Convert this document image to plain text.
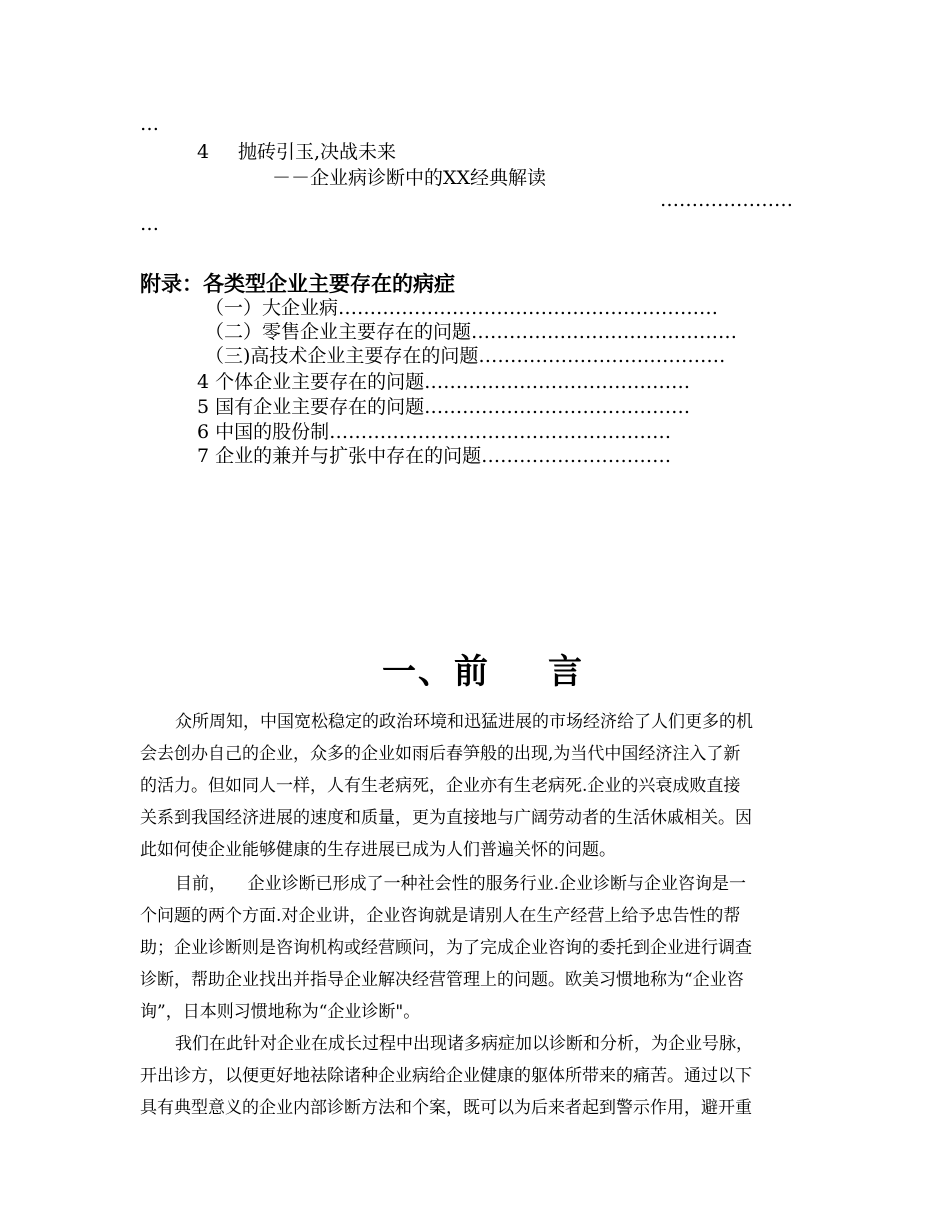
…
4 抛砖引玉,决战未来
－－企业病诊断中的XX经典解读
…………………
…
附录：各类型企业主要存在的病症
（一）大企业病……………………………………………………
（二）零售企业主要存在的问题……………………………………
（三)高技术企业主要存在的问题…………………………………
4 个体企业主要存在的问题……………………………………
5 国有企业主要存在的问题……………………………………
6 中国的股份制………………………………………………
7 企业的兼并与扩张中存在的问题…………………………
一、前 言
众所周知，中国宽松稳定的政治环境和迅猛进展的市场经济给了人们更多的机
会去创办自己的企业，众多的企业如雨后春笋般的出现,为当代中国经济注入了新
的活力。但如同人一样，人有生老病死，企业亦有生老病死.企业的兴衰成败直接
关系到我国经济进展的速度和质量，更为直接地与广阔劳动者的生活休戚相关。因
此如何使企业能够健康的生存进展已成为人们普遍关怀的问题。
目前，    企业诊断已形成了一种社会性的服务行业.企业诊断与企业咨询是一
个问题的两个方面.对企业讲，企业咨询就是请别人在生产经营上给予忠告性的帮
助；企业诊断则是咨询机构或经营顾问，为了完成企业咨询的委托到企业进行调查
诊断，帮助企业找出并指导企业解决经营管理上的问题。欧美习惯地称为“企业咨
询”，日本则习惯地称为“企业诊断"。
我们在此针对企业在成长过程中出现诸多病症加以诊断和分析，为企业号脉，
开出诊方，以便更好地祛除诸种企业病给企业健康的躯体所带来的痛苦。通过以下
具有典型意义的企业内部诊断方法和个案，既可以为后来者起到警示作用，避开重
